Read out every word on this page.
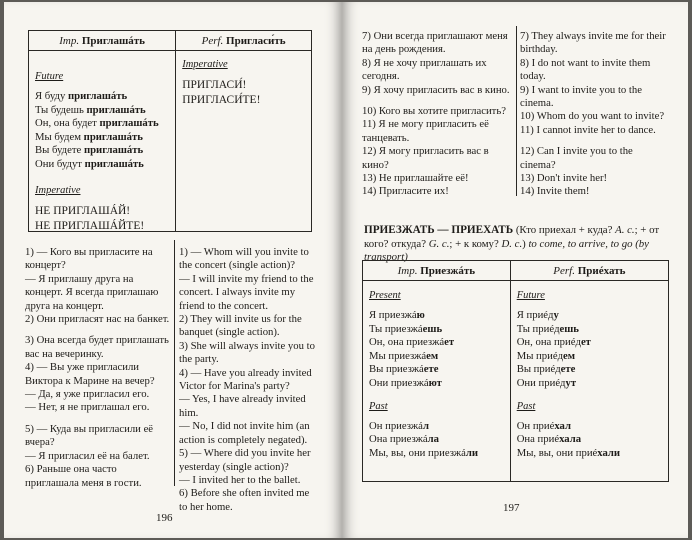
Imp. Приглашáть
Future
Я буду приглашáть
Ты будешь приглашáть
Он, она будет приглашáть
Мы будем приглашáть
Вы будете приглашáть
Они будут приглашáть
Imperative
НЕ ПРИГЛАШÁЙ!
НЕ ПРИГЛАШÁЙТЕ!
Perf. Пригласи́ть
Imperative
ПРИГЛАСИ́!
ПРИГЛАСИ́ТЕ!
1) — Кого вы пригласите на концерт?
— Я приглашу друга на концерт. Я всегда приглашаю друга на концерт.
2) Они пригласят нас на банкет.
3) Она всегда будет приглашать вас на вечеринку.
4) — Вы уже пригласили Виктора к Марине на вечер?
— Да, я уже пригласил его.
— Нет, я не приглашал его.
5) — Куда вы пригласили её вчера?
— Я пригласил её на балет.
6) Раньше она часто приглашала меня в гости.
1) — Whom will you invite to the concert (single action)?
— I will invite my friend to the concert. I always invite my friend to the concert.
2) They will invite us for the banquet (single action).
3) She will always invite you to the party.
4) — Have you already invited Victor for Marina's party?
— Yes, I have already invited him.
— No, I did not invite him (an action is completely negated).
5) — Where did you invite her yesterday (single action)?
— I invited her to the ballet.
6) Before she often invited me to her home.
196
7) Они всегда приглашают меня на день рождения.
8) Я не хочу приглашать их сегодня.
9) Я хочу пригласить вас в кино.
10) Кого вы хотите пригласить?
11) Я не могу пригласить её танцевать.
12) Я могу пригласить вас в кино?
13) Не приглашайте её!
14) Пригласите их!
7) They always invite me for their birthday.
8) I do not want to invite them today.
9) I want to invite you to the cinema.
10) Whom do you want to invite?
11) I cannot invite her to dance.
12) Can I invite you to the cinema?
13) Don't invite her!
14) Invite them!
ПРИЕЗЖАТЬ — ПРИЕХАТЬ (Кто приехал + куда? A. c.; + от кого? откуда? G. c.; + к кому? D. c.) to come, to arrive, to go (by transport)
Imp. Приезжáть
Present
Я приезжáю
Ты приезжáешь
Он, она приезжáет
Мы приезжáем
Вы приезжáете
Они приезжáют
Past
Он приезжáл
Она приезжáла
Мы, вы, они приезжáли
Perf. Приéхать
Future
Я приéду
Ты приéдешь
Он, она приéдет
Мы приéдем
Вы приéдете
Они приéдут
Past
Он приéхал
Она приéхала
Мы, вы, они приéхали
197
